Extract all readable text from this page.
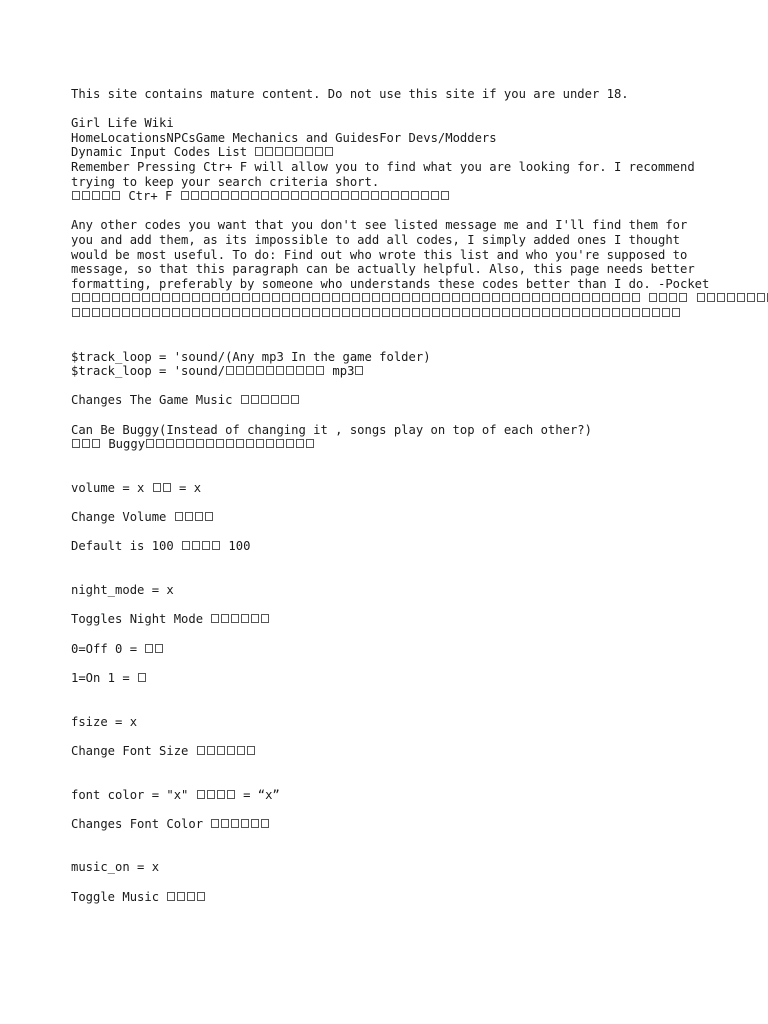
This site contains mature content. Do not use this site if you are under 18.
Girl Life Wiki
HomeLocationsNPCsGame Mechanics and GuidesFor Devs/Modders
Dynamic Input Codes List
Remember Pressing Ctr+ F will allow you to find what you are looking for. I recommend trying to keep your search criteria short.
Ctr+ F
Any other codes you want that you don't see listed message me and I'll find them for you and add them, as its impossible to add all codes, I simply added ones I thought would be most useful. To do: Find out who wrote this list and who you're supposed to message, so that this paragraph can be actually helpful. Also, this page needs better formatting, preferably by someone who understands these codes better than I do. -Pocket

$track_loop = 'sound/(Any mp3 In the game folder)
$track_loop = 'sound/	mp3
Changes The Game Music
Can Be Buggy(Instead of changing it , songs play on top of each other?)
Buggy
volume = x  = x
Change Volume
Default is 100	100
night_mode = x
Toggles Night Mode
0=Off 0 =
1=On 1 =
fsize = x
Change Font Size
font color = "x"	= “x”
Changes Font Color
music_on = x
Toggle Music
